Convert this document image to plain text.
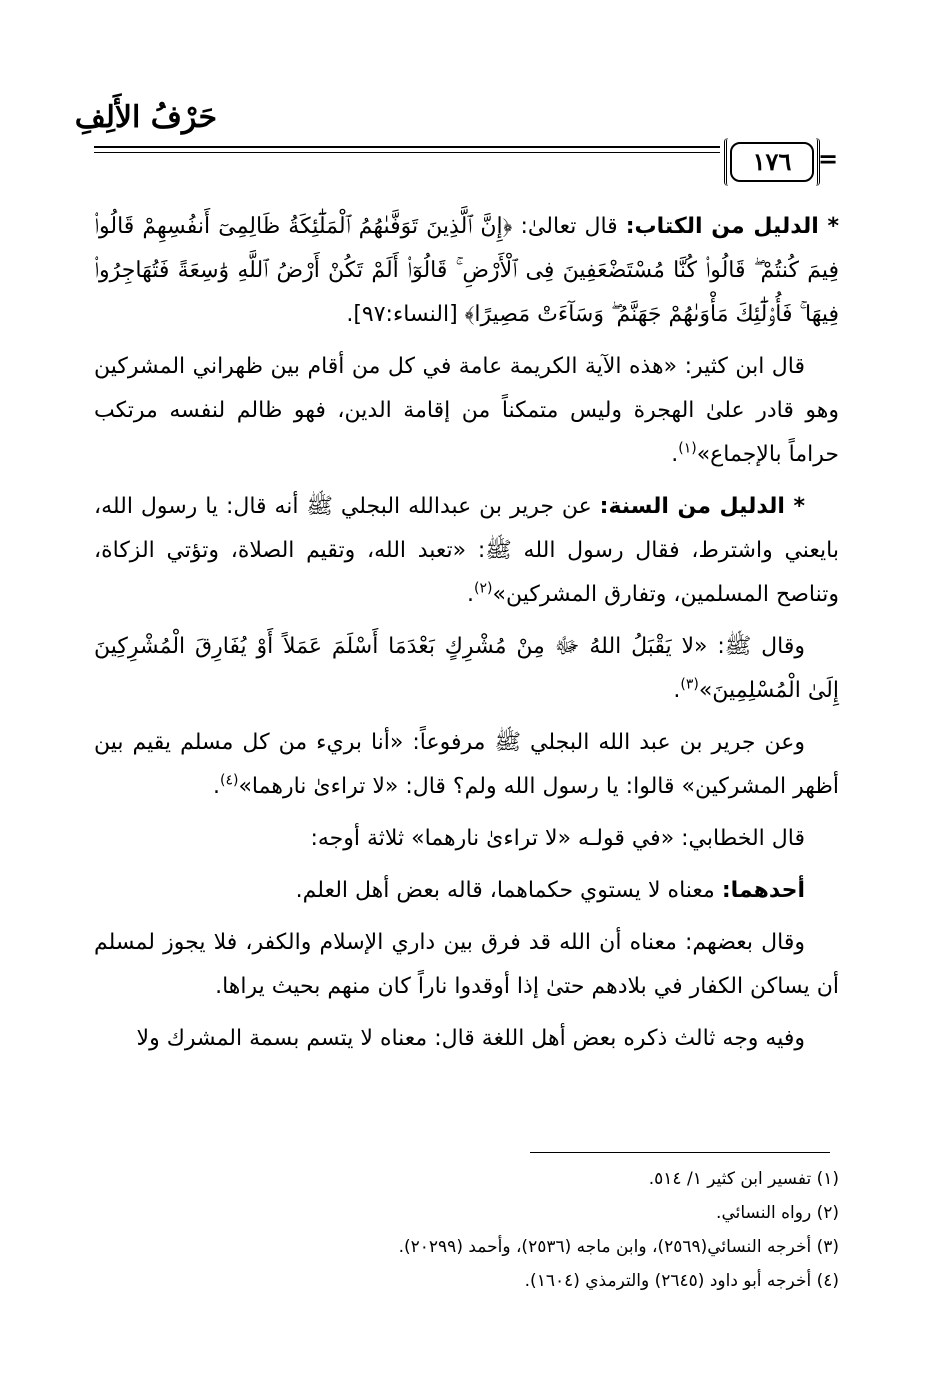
حَرْفُ الأَلِفِ
١٧٦	=

* الدليل من الكتاب: قال تعالىٰ: ﴿إِنَّ ٱلَّذِينَ تَوَفَّىٰهُمُ ٱلْمَلَٰٓئِكَةُ ظَالِمِىٓ أَنفُسِهِمْ قَالُوا۟ فِيمَ كُنتُمْ ۖ قَالُوا۟ كُنَّا مُسْتَضْعَفِينَ فِى ٱلْأَرْضِ ۚ قَالُوٓا۟ أَلَمْ تَكُنْ أَرْضُ ٱللَّهِ وَٰسِعَةً فَتُهَاجِرُوا۟ فِيهَا ۚ فَأُو۟لَٰٓئِكَ مَأْوَىٰهُمْ جَهَنَّمُ ۖ وَسَآءَتْ مَصِيرًا﴾ [النساء:٩٧].

قال ابن كثير: «هذه الآية الكريمة عامة في كل من أقام بين ظهراني المشركين وهو قادر علىٰ الهجرة وليس متمكناً من إقامة الدين، فهو ظالم لنفسه مرتكب حراماً بالإجماع»$^{(١)}$.

* الدليل من السنة: عن جرير بن عبدالله البجلي ﷺ أنه قال: يا رسول الله، بايعني واشترط، فقال رسول الله ﷺ: «تعبد الله، وتقيم الصلاة، وتؤتي الزكاة، وتناصح المسلمين، وتفارق المشركين»$^{(٢)}$.

وقال ﷺ: «لا يَقْبَلُ اللهُ ﷻ مِنْ مُشْرِكٍ بَعْدَمَا أَسْلَمَ عَمَلاً أَوْ يُفَارِقَ الْمُشْرِكِينَ إِلَىٰ الْمُسْلِمِينَ»$^{(٣)}$.

وعن جرير بن عبد الله البجلي ﷺ مرفوعاً: «أنا بريء من كل مسلم يقيم بين أظهر المشركين» قالوا: يا رسول الله ولم؟ قال: «لا تراءىٰ نارهما»$^{(٤)}$.

قال الخطابي: «في قولـه «لا تراءىٰ نارهما» ثلاثة أوجه:

أحدهما: معناه لا يستوي حكماهما، قاله بعض أهل العلم.

وقال بعضهم: معناه أن الله قد فرق بين داري الإسلام والكفر، فلا يجوز لمسلم أن يساكن الكفار في بلادهم حتىٰ إذا أوقدوا ناراً كان منهم بحيث يراها.

وفيه وجه ثالث ذكره بعض أهل اللغة قال: معناه لا يتسم بسمة المشرك ولا

(١) تفسير ابن كثير ١/ ٥١٤.

(٢) رواه النسائي.

(٣) أخرجه النسائي(٢٥٦٩)، وابن ماجه (٢٥٣٦)، وأحمد (٢٠٢٩٩).

(٤) أخرجه أبو داود (٢٦٤٥) والترمذي (١٦٠٤).
